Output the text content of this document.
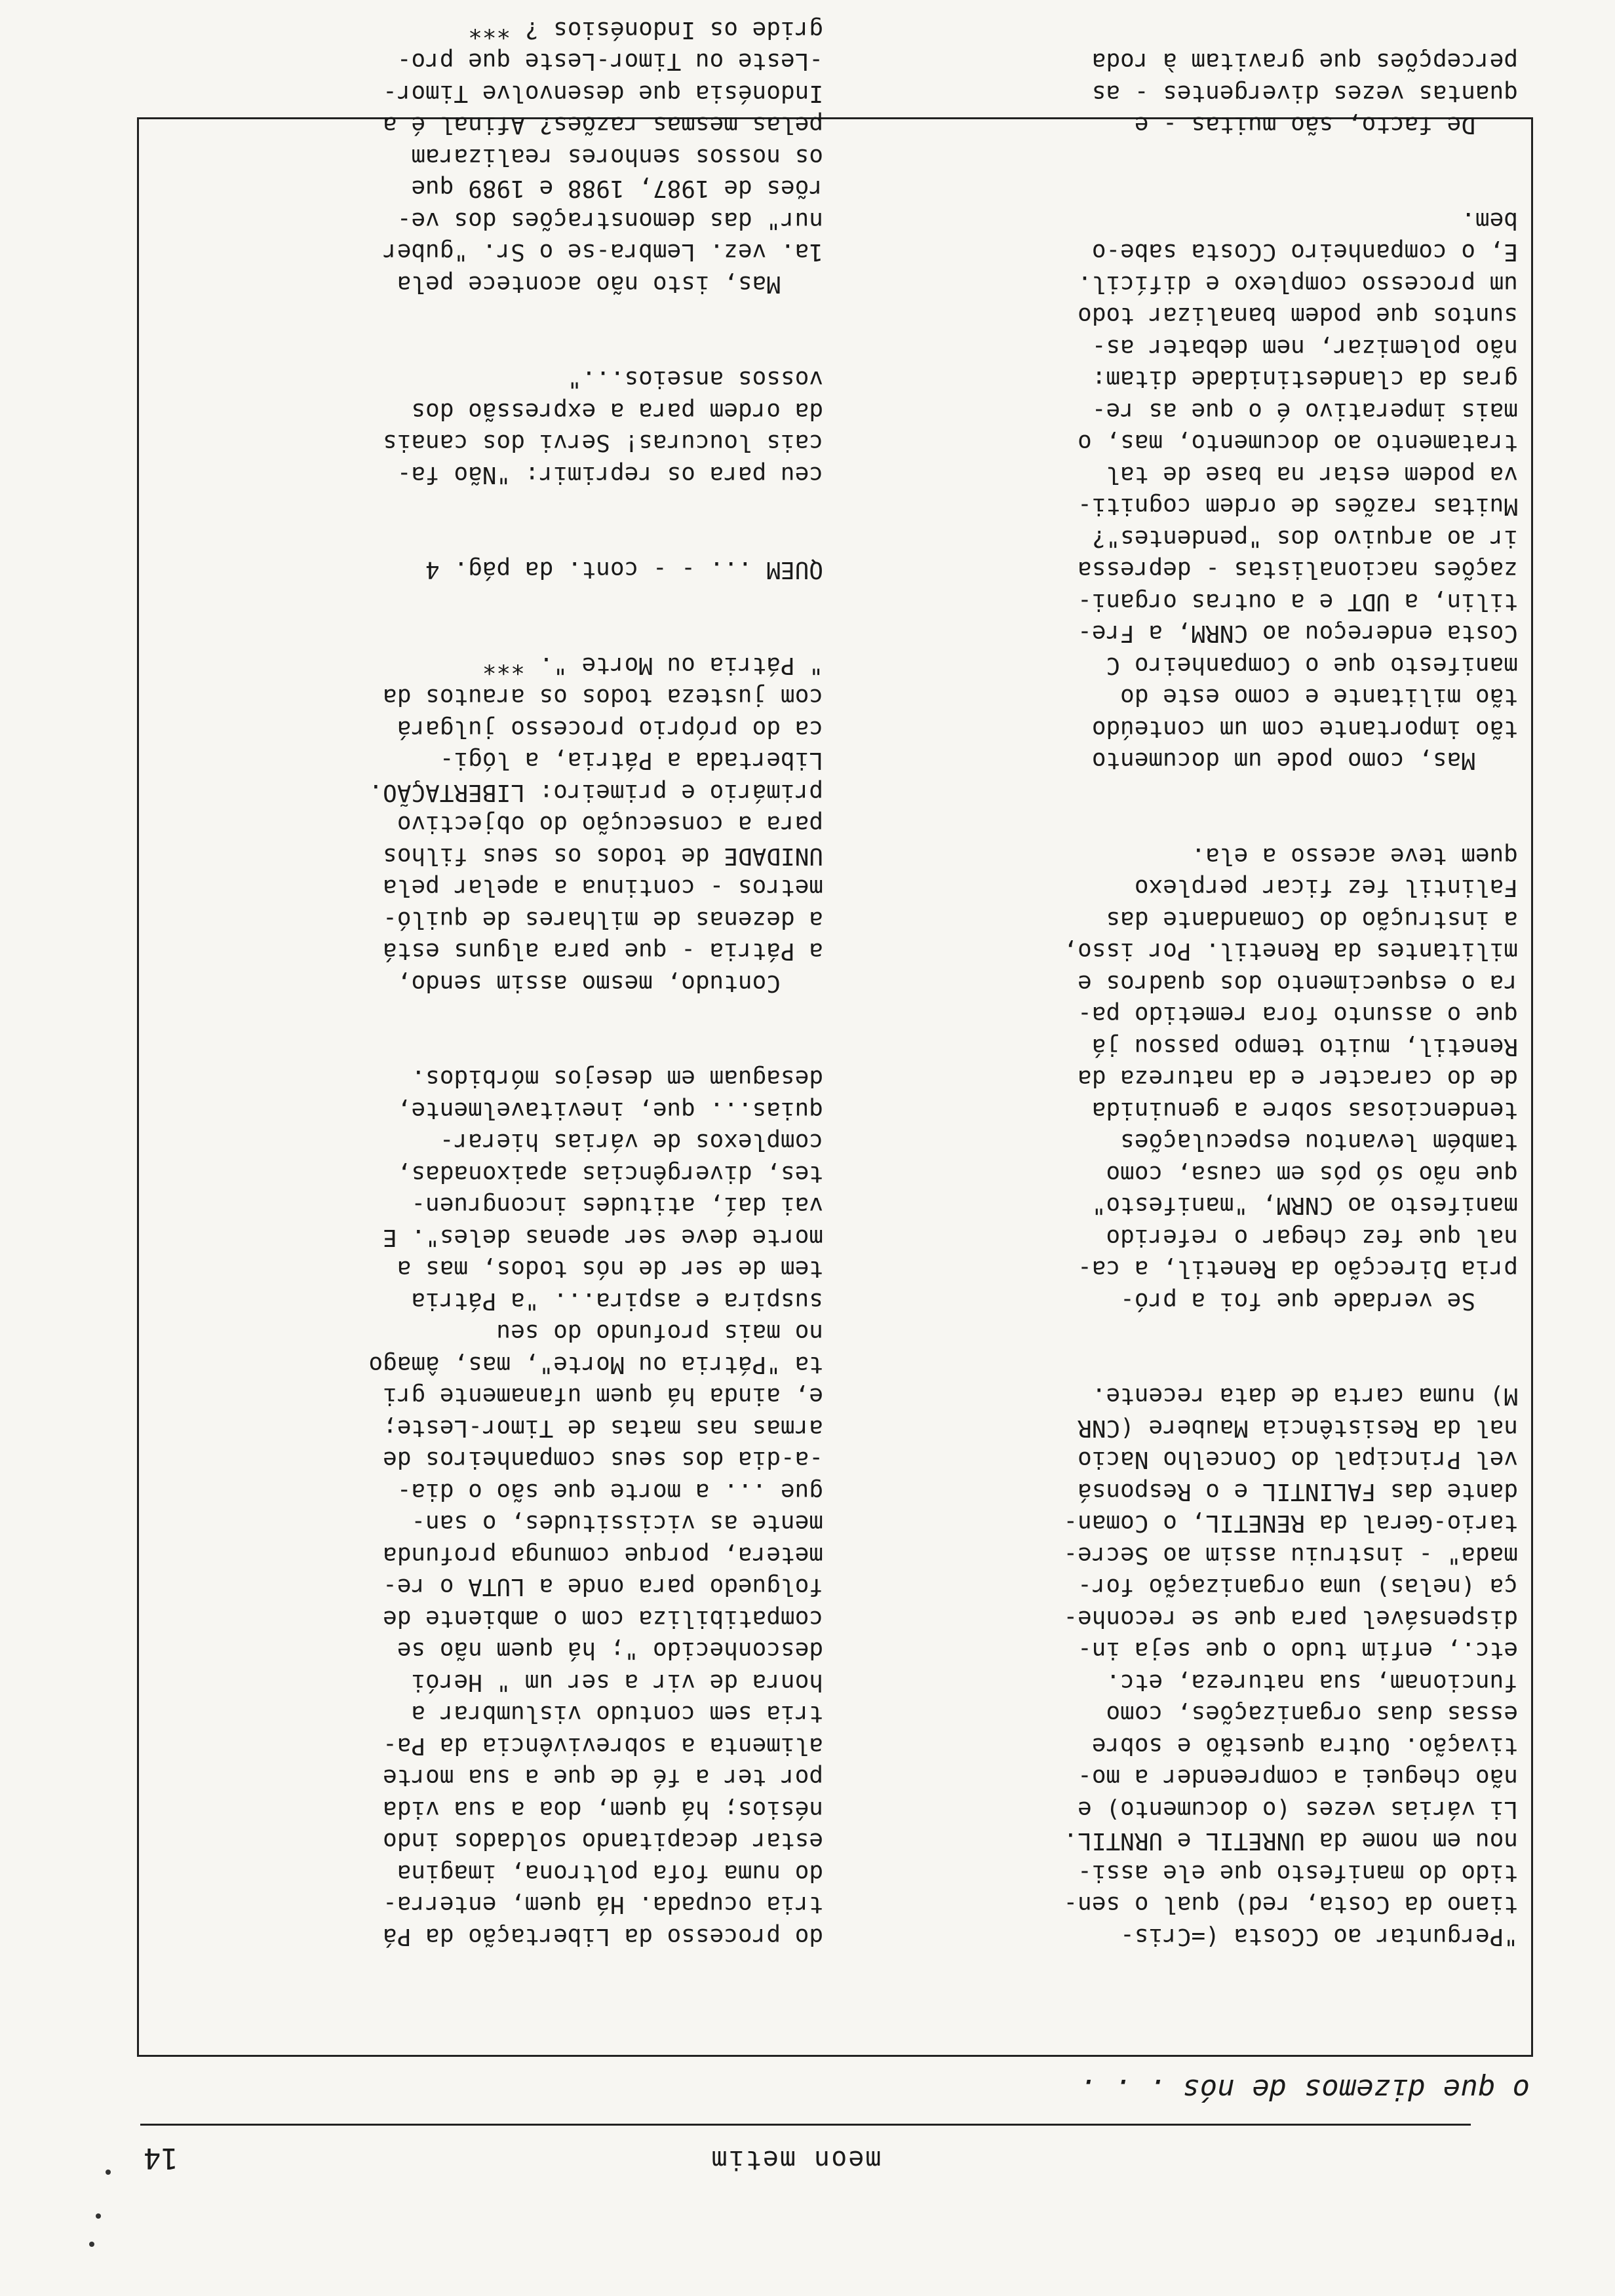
meon metim
14
o que dizemos de nós . . .

"Perguntar ao CCosta (=Cris-
tiano da Costa, red) qual o sen-
tido do manifesto que ele assi-
nou em nome da UNRETIL e URNTIL.
Li várias vezes (o documento) e
não cheguei a compreender a mo-
tivação. Outra questão e sobre
essas duas organizações, como
funcionam, sua natureza, etc.
etc., enfim tudo o que seja in-
dispensável para que se reconhe-
ça (nelas) uma organização for-
mada" - instruiu assim ao Secre-
tario-Geral da RENETIL, o Coman-
dante das FALINTIL e o Responsá
vel Principal do Concelho Nacio
nal da Resistência Maubere (CNR
M) numa carta de data recente.

Se verdade que foi a pró-
pria Direcção da Renetil, a ca-
nal que fez chegar o referido
manifesto ao CNRM, "manifesto"
que não só pós em causa, como
também levantou especulações
tendenciosas sobre a genuinida
de do caracter e da natureza da
Renetil, muito tempo passou já
que o assunto fora remetido pa-
ra o esquecimento dos quadros e
militantes da Renetil. Por isso,
a instrução do Comandante das
Falintil fez ficar perplexo
quem teve acesso a ela.

Mas, como pode um documento
tão importante com um conteúdo
tão militante e como este do
manifesto que o Companheiro C
Costa endereçou ao CNRM, a Fre-
tilin, a UDT e a outras organi-
zações nacionalistas - depressa
ir ao arquivo dos "pendentes"?
Muitas razões de ordem cogniti-
va podem estar na base de tal
tratamento ao documento, mas, o
mais imperativo é o que as re-
gras da clandestinidade ditam:
não polemizar, nem debater as-
suntos que podem banalizar todo
um processo complexo e difícil.
E, o companheiro CCosta sabe-o
bem.

De facto, são muitas - e
quantas vezes divergentes - as
percepções que gravitam à roda

do processo da Libertação da Pá
tria ocupada. Há quem, enterra-
do numa fofa poltrona, imagina
estar decapitando soldados indo
nésios; há quem, doa a sua vida
por ter a fé de que a sua morte
alimenta a sobrevivência da Pa-
tria sem contudo vislumbrar a
honra de vir a ser um " Herói
desconhecido "; há quem não se
compatibiliza com o ambiente de
folguedo para onde a LUTA o re-
metera, porque comunga profunda
mente as vicissitudes, o san-
gue ... a morte que são o dia-
-a-dia dos seus companheiros de
armas nas matas de Timor-Leste;
e, ainda há quem ufanamente gri
ta "Pátria ou Morte", mas, âmago
no mais profundo do seu
suspira e aspira... "a Pátria
tem de ser de nós todos, mas a
morte deve ser apenas deles". E
vai daí, atitudes incongruen-
tes, divergências apaixonadas,
complexos de várias hierar-
quias... que, inevitavelmente,
desaguam em desejos mórbidos.

Contudo, mesmo assim sendo,
a Pátria - que para alguns está
a dezenas de milhares de quiló-
metros - continua a apelar pela
UNIDADE de todos os seus filhos
para a consecução do objectivo
primário e primeiro: LIBERTAÇÃO.
Libertada a Pátria, a lógi-
ca do próprio processo julgará
com justeza todos os arautos da
" Pátria ou Morte ". ***

QUEM ... - - cont. da pág. 4

ceu para os reprimir: "Não fa-
cais loucuras! Servi dos canais
da ordem para a expressão dos
vossos anseios..."

Mas, isto não acontece pela
1a. vez. Lembra-se o Sr. "guber
nur" das demonstrações dos ve-
rões de 1987, 1988 e 1989 que
os nossos senhores realizaram
pelas mesmas razões? Afinal é a
Indonésia que desenvolve Timor-
-Leste ou Timor-Leste que pro-
gride os Indonésios ? ***
